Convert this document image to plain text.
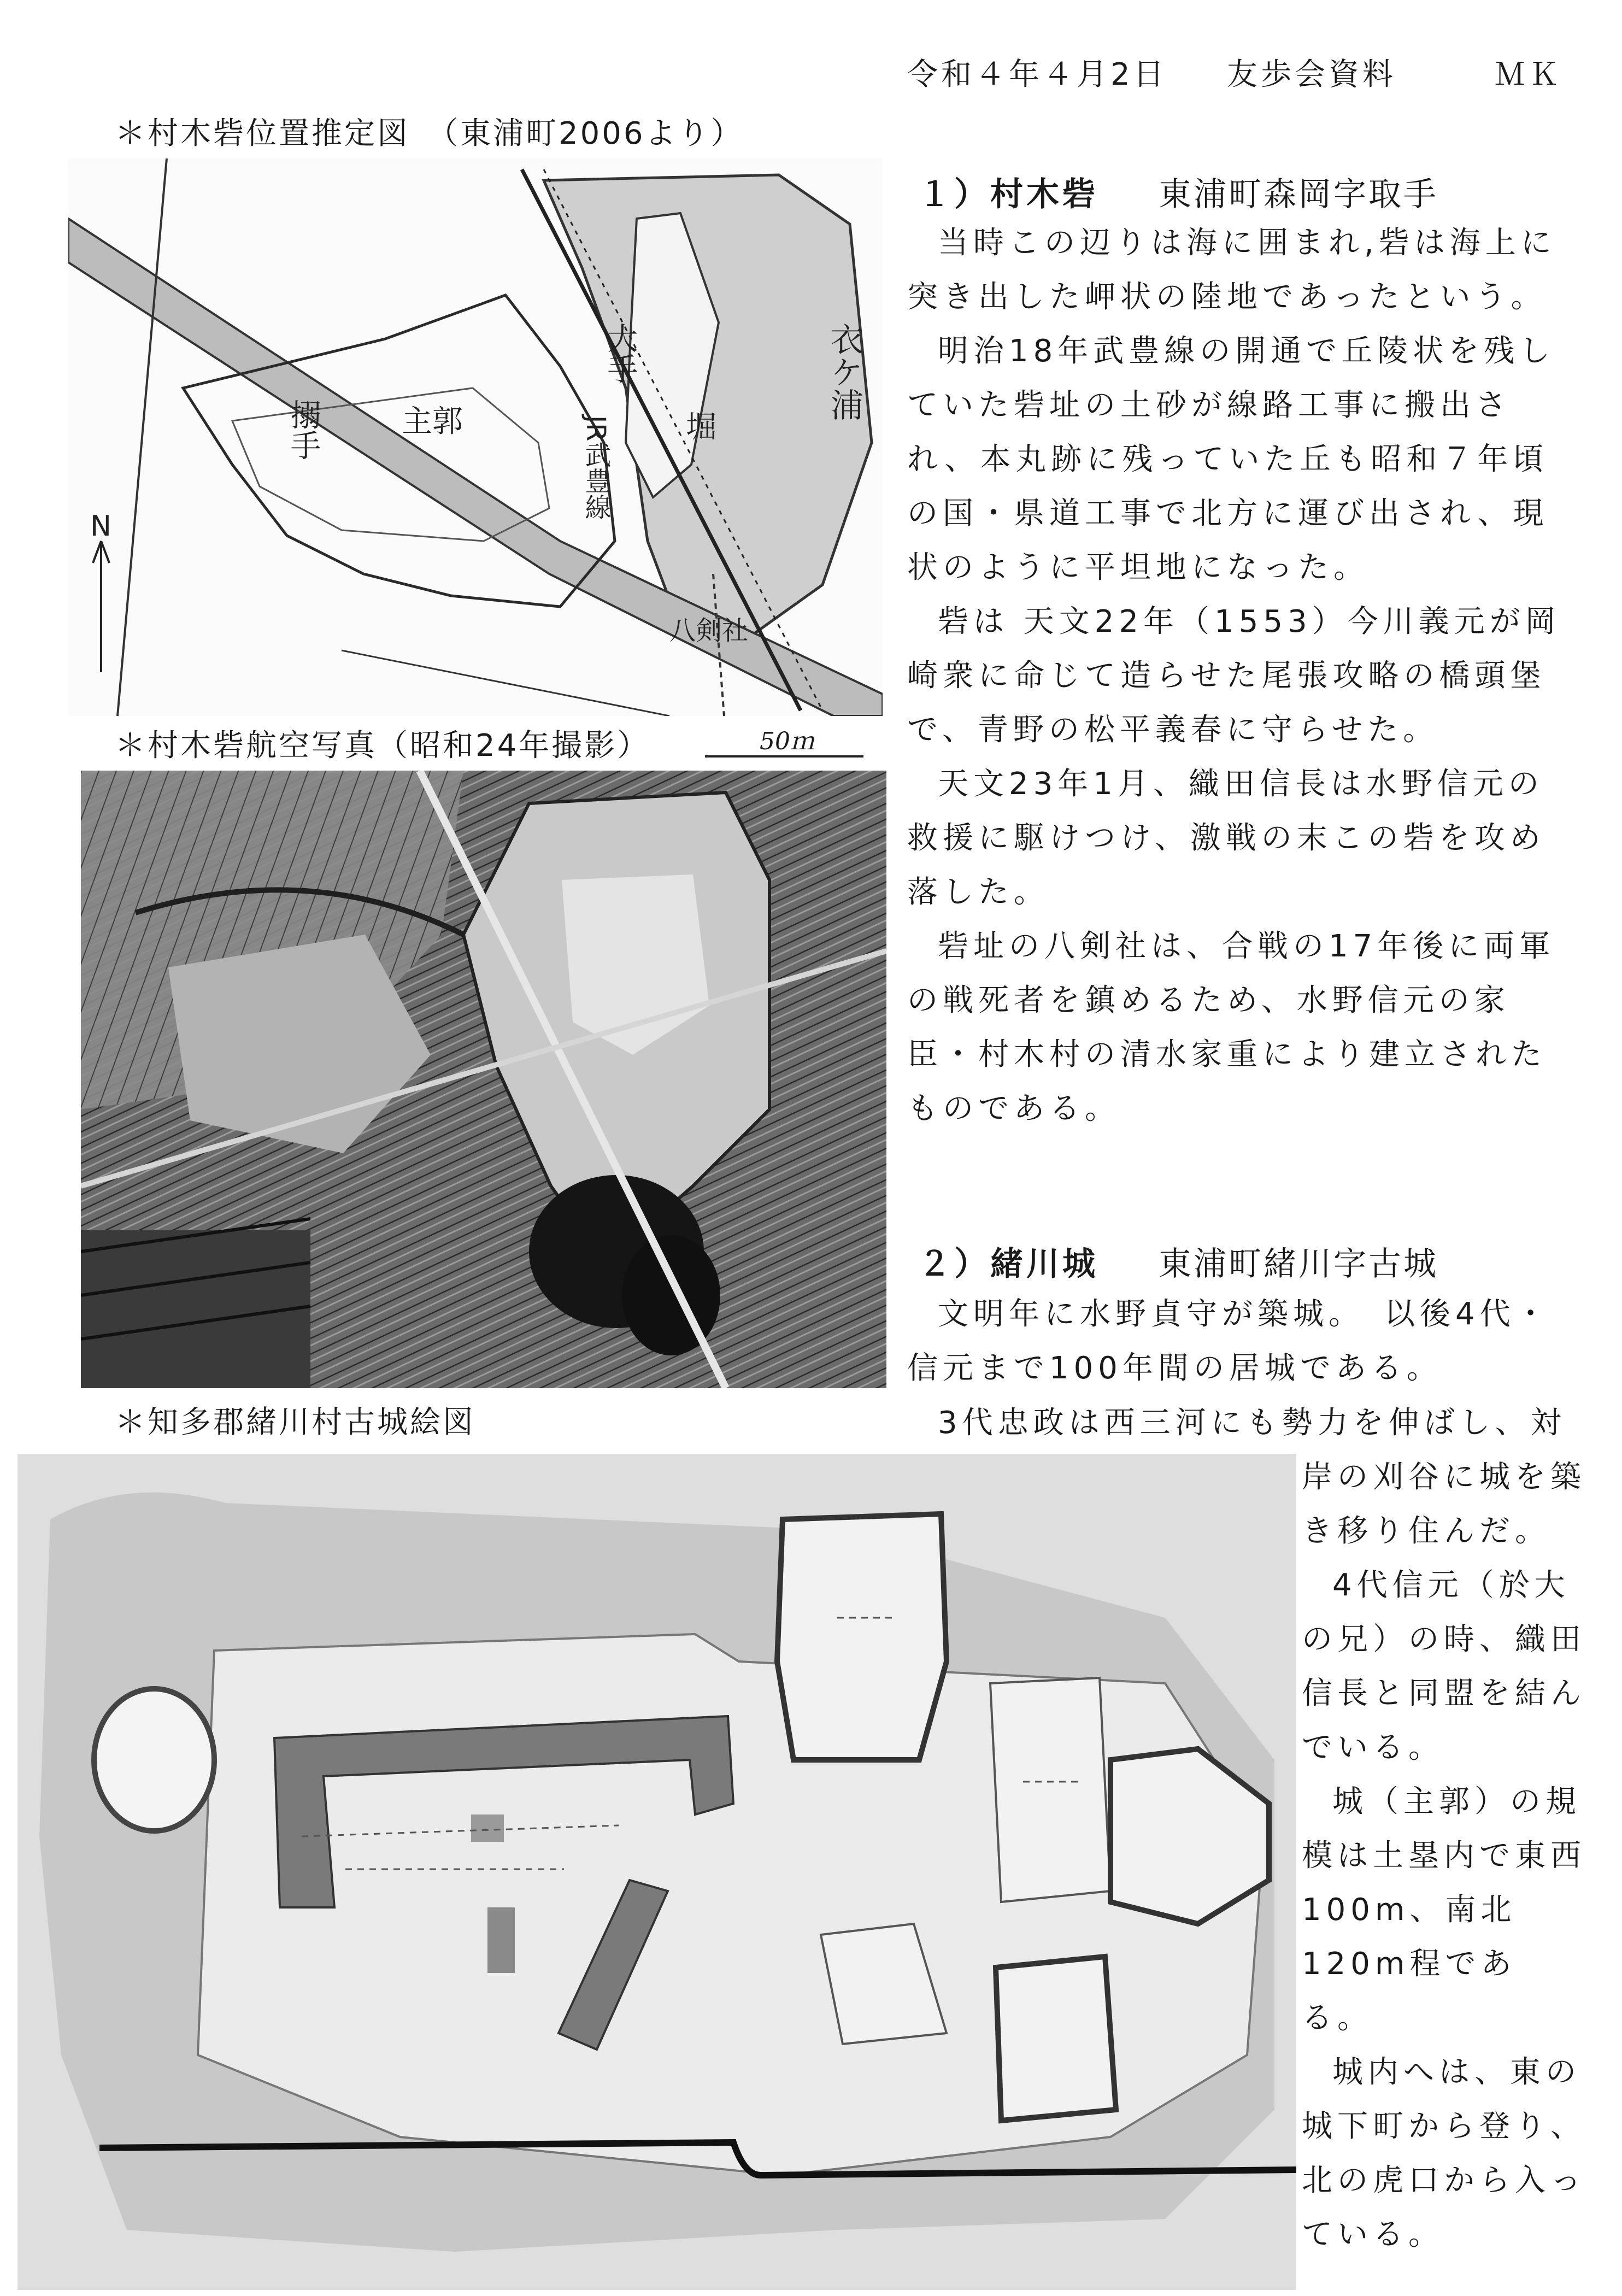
令和４年４月2日 友歩会資料	ＭＫ
＊村木砦位置推定図　（東浦町2006より）
衣ケ浦
大手
堀
JR武豊線
搦手	主郭
八剣社
N
＊村木砦航空写真（昭和24年撮影）	50ｍ
＊知多郡緒川村古城絵図
１）村木砦 東浦町森岡字取手

当時この辺りは海に囲まれ,砦は海上に突き出した岬状の陸地であったという。

明治18年武豊線の開通で丘陵状を残していた砦址の土砂が線路工事に搬出され、本丸跡に残っていた丘も昭和７年頃の国・県道工事で北方に運び出され、現状のように平坦地になった。

砦は 天文22年（1553）今川義元が岡崎衆に命じて造らせた尾張攻略の橋頭堡で、青野の松平義春に守らせた。

天文23年1月、織田信長は水野信元の救援に駆けつけ、激戦の末この砦を攻め落した。

砦址の八剣社は、合戦の17年後に両軍の戦死者を鎮めるため、水野信元の家臣・村木村の清水家重により建立されたものである。

２）緒川城 東浦町緒川字古城

文明年に水野貞守が築城。　以後4代・信元まで100年間の居城である。

3代忠政は西三河にも勢力を伸ばし、対

岸の刈谷に城を築き移り住んだ。

4代信元（於大の兄）の時、織田信長と同盟を結んでいる。

城（主郭）の規模は土塁内で東西100m、南北120m程である。

城内へは、東の城下町から登り、北の虎口から入っている。
